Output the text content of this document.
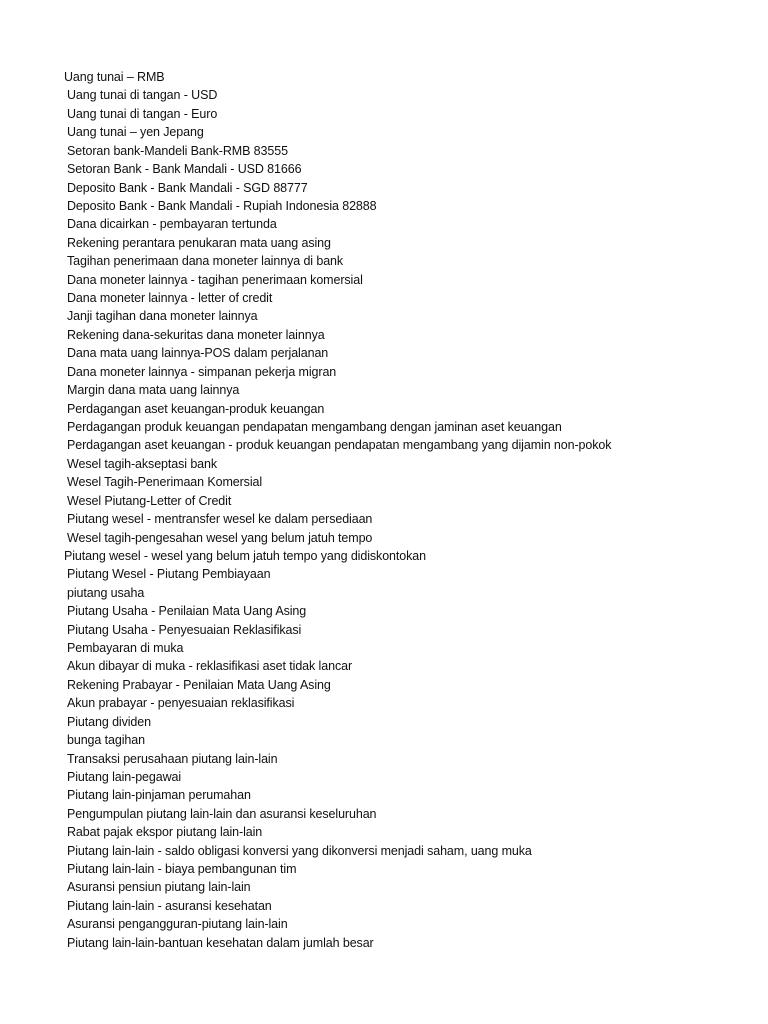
Uang tunai – RMB
Uang tunai di tangan - USD
Uang tunai di tangan - Euro
Uang tunai – yen Jepang
Setoran bank-Mandeli Bank-RMB 83555
Setoran Bank - Bank Mandali - USD 81666
Deposito Bank - Bank Mandali - SGD 88777
Deposito Bank - Bank Mandali - Rupiah Indonesia 82888
Dana dicairkan - pembayaran tertunda
Rekening perantara penukaran mata uang asing
Tagihan penerimaan dana moneter lainnya di bank
Dana moneter lainnya - tagihan penerimaan komersial
Dana moneter lainnya - letter of credit
Janji tagihan dana moneter lainnya
Rekening dana-sekuritas dana moneter lainnya
Dana mata uang lainnya-POS dalam perjalanan
Dana moneter lainnya - simpanan pekerja migran
Margin dana mata uang lainnya
Perdagangan aset keuangan-produk keuangan
Perdagangan produk keuangan pendapatan mengambang dengan jaminan aset keuangan
Perdagangan aset keuangan - produk keuangan pendapatan mengambang yang dijamin non-pokok
Wesel tagih-akseptasi bank
Wesel Tagih-Penerimaan Komersial
Wesel Piutang-Letter of Credit
Piutang wesel - mentransfer wesel ke dalam persediaan
Wesel tagih-pengesahan wesel yang belum jatuh tempo
Piutang wesel - wesel yang belum jatuh tempo yang didiskontokan
Piutang Wesel - Piutang Pembiayaan
piutang usaha
Piutang Usaha - Penilaian Mata Uang Asing
Piutang Usaha - Penyesuaian Reklasifikasi
Pembayaran di muka
Akun dibayar di muka - reklasifikasi aset tidak lancar
Rekening Prabayar - Penilaian Mata Uang Asing
Akun prabayar - penyesuaian reklasifikasi
Piutang dividen
bunga tagihan
Transaksi perusahaan piutang lain-lain
Piutang lain-pegawai
Piutang lain-pinjaman perumahan
Pengumpulan piutang lain-lain dan asuransi keseluruhan
Rabat pajak ekspor piutang lain-lain
Piutang lain-lain - saldo obligasi konversi yang dikonversi menjadi saham, uang muka
Piutang lain-lain - biaya pembangunan tim
Asuransi pensiun piutang lain-lain
Piutang lain-lain - asuransi kesehatan
Asuransi pengangguran-piutang lain-lain
Piutang lain-lain-bantuan kesehatan dalam jumlah besar
